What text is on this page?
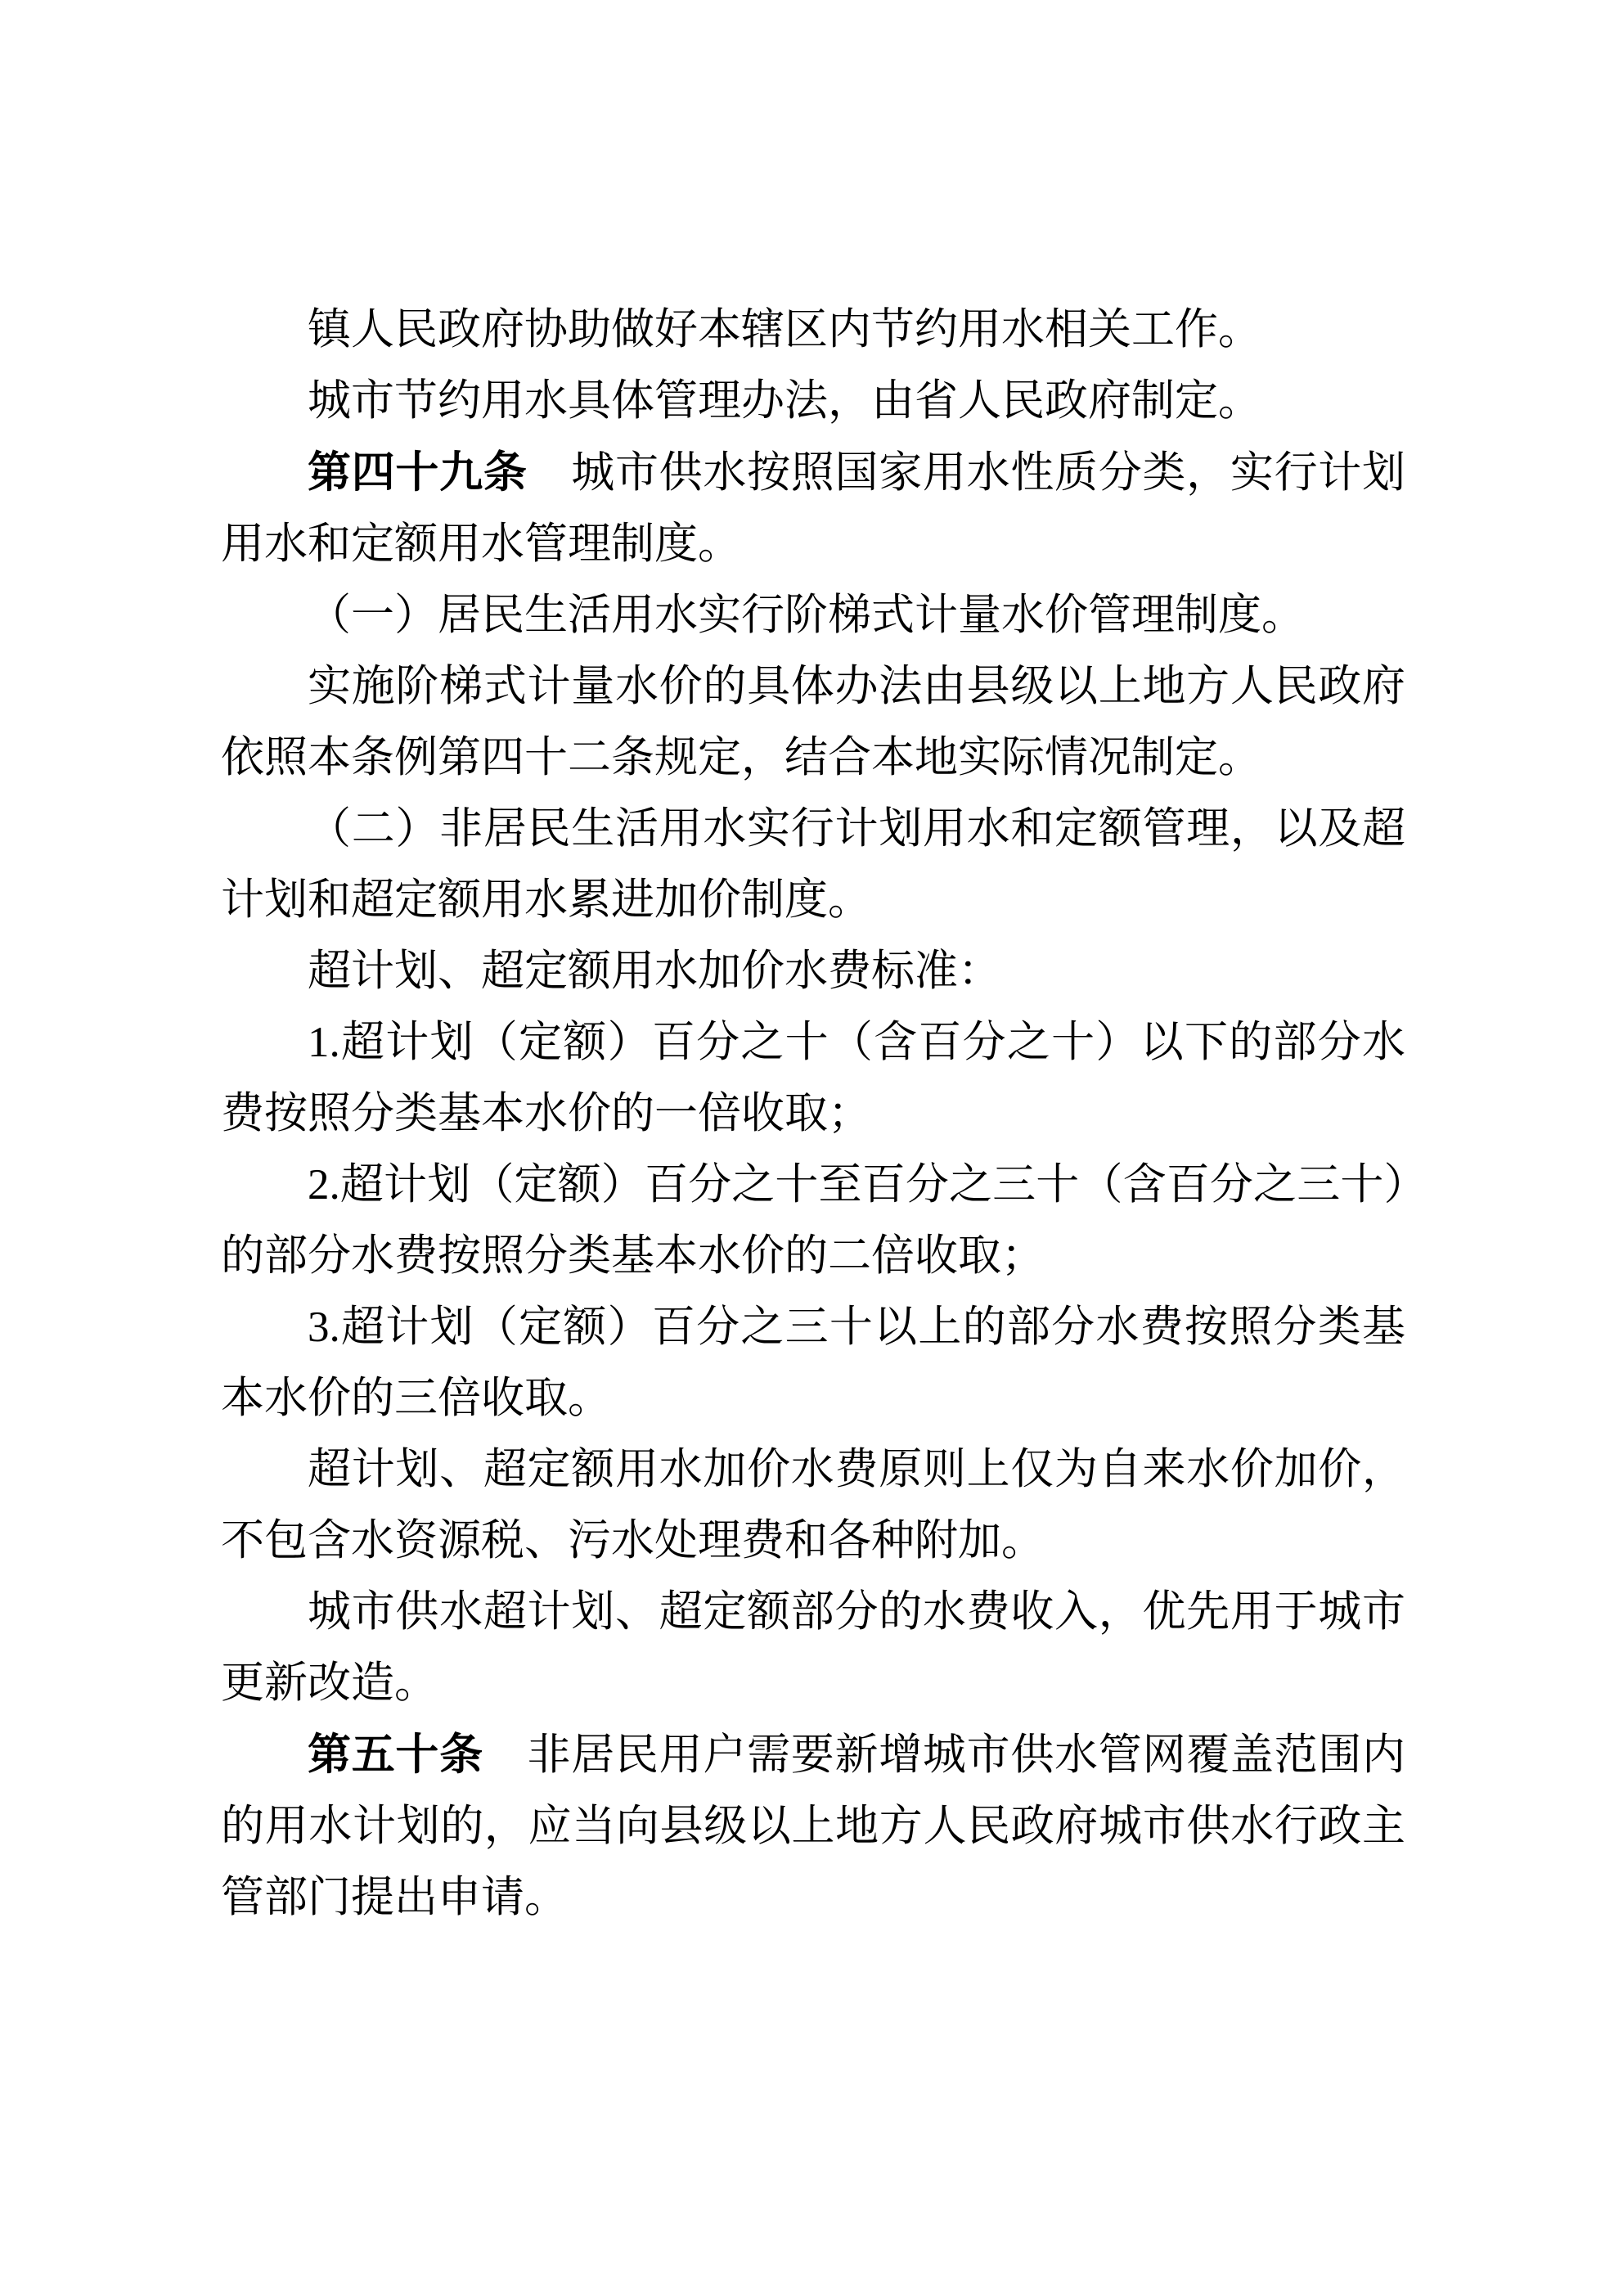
镇人民政府协助做好本辖区内节约用水相关工作。

城市节约用水具体管理办法，由省人民政府制定。

第四十九条　城市供水按照国家用水性质分类，实行计划用水和定额用水管理制度。

（一）居民生活用水实行阶梯式计量水价管理制度。

实施阶梯式计量水价的具体办法由县级以上地方人民政府依照本条例第四十二条规定，结合本地实际情况制定。

（二）非居民生活用水实行计划用水和定额管理，以及超计划和超定额用水累进加价制度。

超计划、超定额用水加价水费标准：

1.超计划（定额）百分之十（含百分之十）以下的部分水费按照分类基本水价的一倍收取；

2.超计划（定额）百分之十至百分之三十（含百分之三十）的部分水费按照分类基本水价的二倍收取；

3.超计划（定额）百分之三十以上的部分水费按照分类基本水价的三倍收取。

超计划、超定额用水加价水费原则上仅为自来水价加价，不包含水资源税、污水处理费和各种附加。

城市供水超计划、超定额部分的水费收入，优先用于城市更新改造。

第五十条　非居民用户需要新增城市供水管网覆盖范围内的用水计划的，应当向县级以上地方人民政府城市供水行政主管部门提出申请。
